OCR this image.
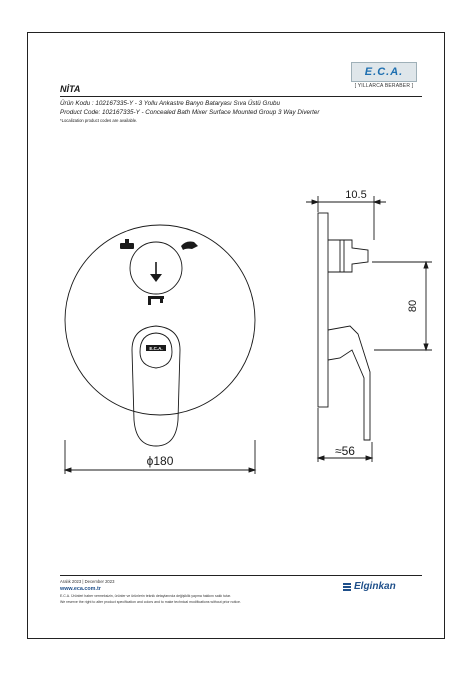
E.C.A.
[ YILLARCA BERABER ]
NİTA
Ürün Kodu : 102167335-Y - 3 Yollu Ankastre Banyo Bataryası Sıva Üstü Grubu
Product Code: 102167335-Y - Concealed Bath Mixer Surface Mounted Group 3 Way Diverter
*Localization product codes are available.
E.C.A.
ϕ180
10.5
80
≈56
Aralık 2023 | December 2023
www.eca.com.tr
E.C.A. Ürünleri haber vermeksizin, ürünler ve ürünlerin teknik detaylarında değişiklik yapma hakkını saklı tutar.
We reserve the right to alter product specification and colors and to make technical modifications without prior notice.
Elginkan
